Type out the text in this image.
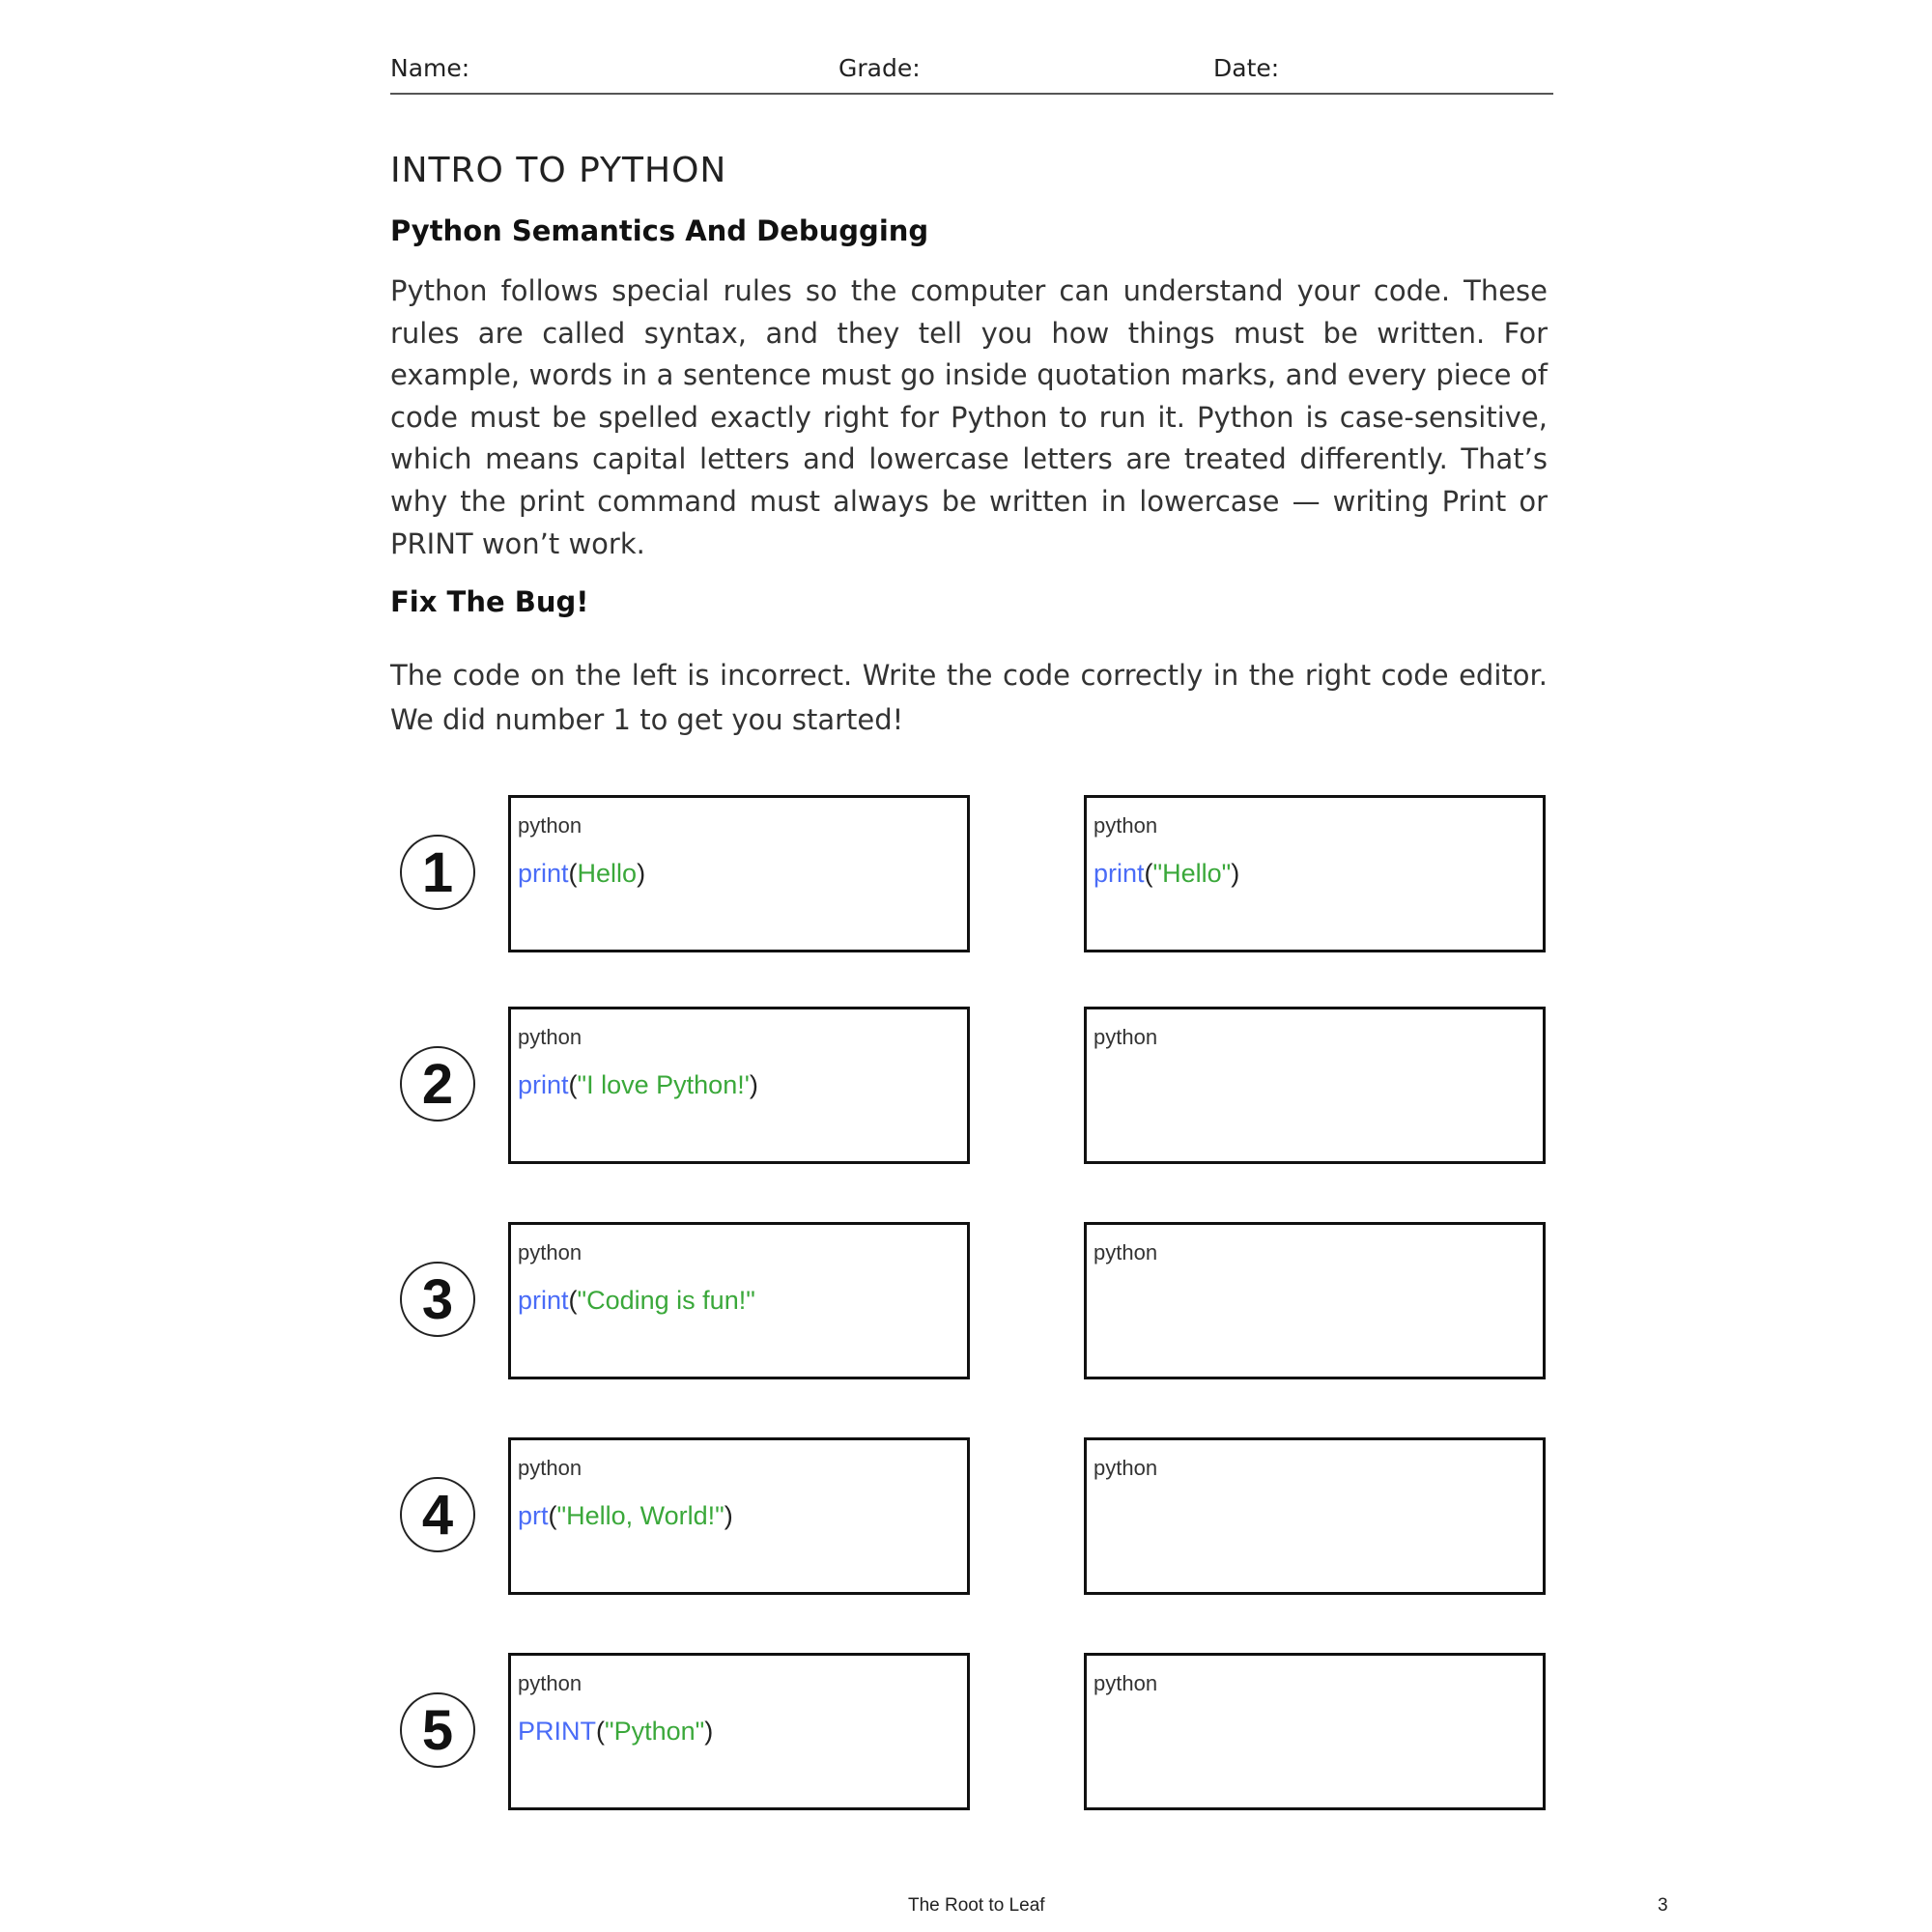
Name:	Grade:	Date:
INTRO TO PYTHON
Python Semantics And Debugging
Python follows special rules so the computer can understand your code. These rules are called syntax, and they tell you how things must be written. For example, words in a sentence must go inside quotation marks, and every piece of code must be spelled exactly right for Python to run it. Python is case-sensitive, which means capital letters and lowercase letters are treated differently. That’s why the print command must always be written in lowercase — writing Print or PRINT won’t work.
Fix The Bug!
The code on the left is incorrect. Write the code correctly in the right code editor. We did number 1 to get you started!
1
python
print(Hello)
python
print("Hello")
2
python
print("I love Python!')
python
3
python
print("Coding is fun!"
python
4
python
prt("Hello, World!")
python
5
python
PRINT("Python")
python
The Root to Leaf	3
